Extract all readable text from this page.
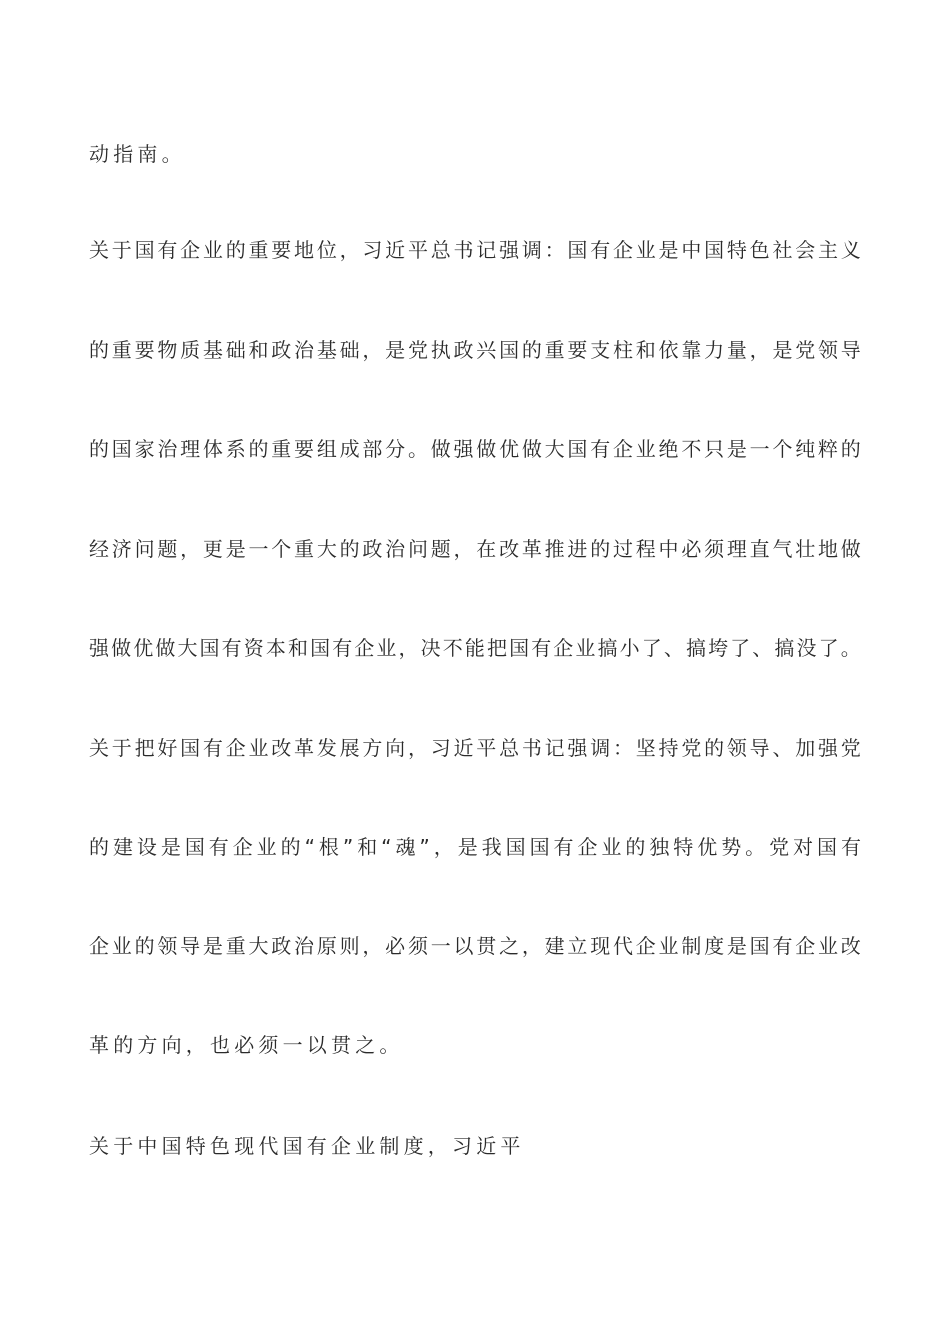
动指南。
关 于 国 有 企 业 的 重 要 地 位 ， 习 近 平 总 书 记 强 调 ： 国 有 企 业 是 中 国 特 色 社 会 主 义
的 重 要 物 质 基 础 和 政 治 基 础 ， 是 党 执 政 兴 国 的 重 要 支 柱 和 依 靠 力 量 ， 是 党 领 导
的 国 家 治 理 体 系 的 重 要 组 成 部 分 。 做 强 做 优 做 大 国 有 企 业 绝 不 只 是 一 个 纯 粹 的
经 济 问 题 ， 更 是 一 个 重 大 的 政 治 问 题 ， 在 改 革 推 进 的 过 程 中 必 须 理 直 气 壮 地 做
强 做 优 做 大 国 有 资 本 和 国 有 企 业 ， 决 不 能 把 国 有 企 业 搞 小 了 、 搞 垮 了 、 搞 没 了 。
关 于 把 好 国 有 企 业 改 革 发 展 方 向 ， 习 近 平 总 书 记 强 调 ： 坚 持 党 的 领 导 、 加 强 党
的 建 设 是 国 有 企 业 的 “ 根 ” 和 “ 魂 ” ， 是 我 国 国 有 企 业 的 独 特 优 势 。 党 对 国 有
企 业 的 领 导 是 重 大 政 治 原 则 ， 必 须 一 以 贯 之 ， 建 立 现 代 企 业 制 度 是 国 有 企 业 改
革的方向，也必须一以贯之。
关于中国特色现代国有企业制度，习近平
